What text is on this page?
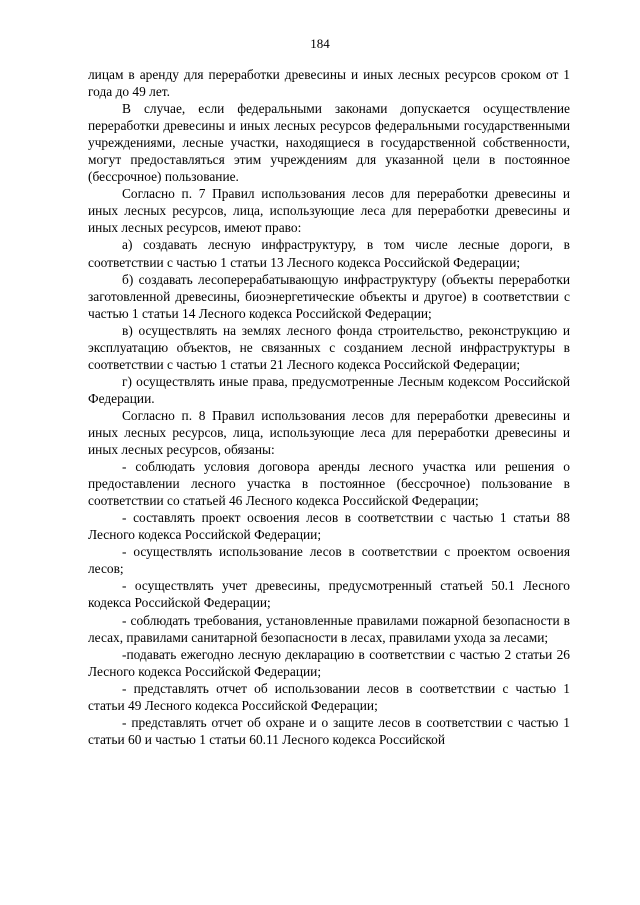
184

лицам в аренду для переработки древесины и иных лесных ресурсов сроком от 1 года до 49 лет.

В случае, если федеральными законами допускается осуществление переработки древесины и иных лесных ресурсов федеральными государственными учреждениями, лесные участки, находящиеся в государственной собственности, могут предоставляться этим учреждениям для указанной цели в постоянное (бессрочное) пользование.

Согласно п. 7 Правил использования лесов для переработки древесины и иных лесных ресурсов, лица, использующие леса для переработки древесины и иных лесных ресурсов, имеют право:

а) создавать лесную инфраструктуру, в том числе лесные дороги, в соответствии с частью 1 статьи 13 Лесного кодекса Российской Федерации;

б) создавать лесоперерабатывающую инфраструктуру (объекты переработки заготовленной древесины, биоэнергетические объекты и другое) в соответствии с частью 1 статьи 14 Лесного кодекса Российской Федерации;

в) осуществлять на землях лесного фонда строительство, реконструкцию и эксплуатацию объектов, не связанных с созданием лесной инфраструктуры в соответствии с частью 1 статьи 21 Лесного кодекса Российской Федерации;

г) осуществлять иные права, предусмотренные Лесным кодексом Российской Федерации.

Согласно п. 8 Правил использования лесов для переработки древесины и иных лесных ресурсов, лица, использующие леса для переработки древесины и иных лесных ресурсов, обязаны:

- соблюдать условия договора аренды лесного участка или решения о предоставлении лесного участка в постоянное (бессрочное) пользование в соответствии со статьей 46 Лесного кодекса Российской Федерации;

- составлять проект освоения лесов в соответствии с частью 1 статьи 88 Лесного кодекса Российской Федерации;

- осуществлять использование лесов в соответствии с проектом освоения лесов;

- осуществлять учет древесины, предусмотренный статьей 50.1 Лесного кодекса Российской Федерации;

- соблюдать требования, установленные правилами пожарной безопасности в лесах, правилами санитарной безопасности в лесах, правилами ухода за лесами;

-подавать ежегодно лесную декларацию в соответствии с частью 2 статьи 26 Лесного кодекса Российской Федерации;

- представлять отчет об использовании лесов в соответствии с частью 1 статьи 49 Лесного кодекса Российской Федерации;

- представлять отчет об охране и о защите лесов в соответствии с частью 1 статьи 60 и частью 1 статьи 60.11 Лесного кодекса Российской
